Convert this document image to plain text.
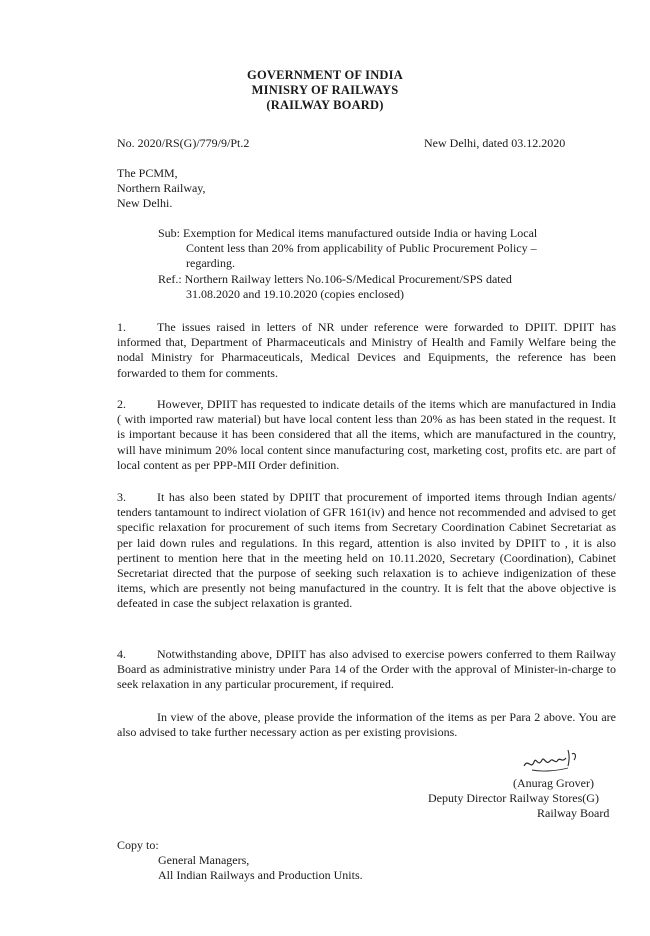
GOVERNMENT OF INDIA
MINISRY OF RAILWAYS
(RAILWAY BOARD)
No. 2020/RS(G)/779/9/Pt.2	New Delhi, dated 03.12.2020
The PCMM,
Northern Railway,
New Delhi.
Sub: Exemption for Medical items manufactured outside India or having Local
Content less than 20% from applicability of Public Procurement Policy –
regarding.
Ref.: Northern Railway letters No.106-S/Medical Procurement/SPS dated
31.08.2020 and 19.10.2020 (copies enclosed)
1.	The issues raised in letters of NR under reference were forwarded to DPIIT. DPIIT has informed that, Department of Pharmaceuticals and Ministry of Health and Family Welfare being the nodal Ministry for Pharmaceuticals, Medical Devices and Equipments, the reference has been forwarded to them for comments.
2.	However, DPIIT has requested to indicate details of the items which are manufactured in India ( with imported raw material) but have local content less than 20% as has been stated in the request. It is important because it has been considered that all the items, which are manufactured in the country, will have minimum 20% local content since manufacturing cost, marketing cost, profits etc. are part of local content as per PPP-MII Order definition.
3.	It has also been stated by DPIIT that procurement of imported items through Indian agents/ tenders tantamount to indirect violation of GFR 161(iv) and hence not recommended and advised to get specific relaxation for procurement of such items from Secretary Coordination Cabinet Secretariat as per laid down rules and regulations. In this regard, attention is also invited by DPIIT to , it is also pertinent to mention here that in the meeting held on 10.11.2020, Secretary (Coordination), Cabinet Secretariat directed that the purpose of seeking such relaxation is to achieve indigenization of these items, which are presently not being manufactured in the country. It is felt that the above objective is defeated in case the subject relaxation is granted.
4.	Notwithstanding above, DPIIT has also advised to exercise powers conferred to them Railway Board as administrative ministry under Para 14 of the Order with the approval of Minister-in-charge to seek relaxation in any particular procurement, if required.
In view of the above, please provide the information of the items as per Para 2 above. You are also advised to take further necessary action as per existing provisions.
(Anurag Grover)
Deputy Director Railway Stores(G)
Railway Board
Copy to:
General Managers,
All Indian Railways and Production Units.
